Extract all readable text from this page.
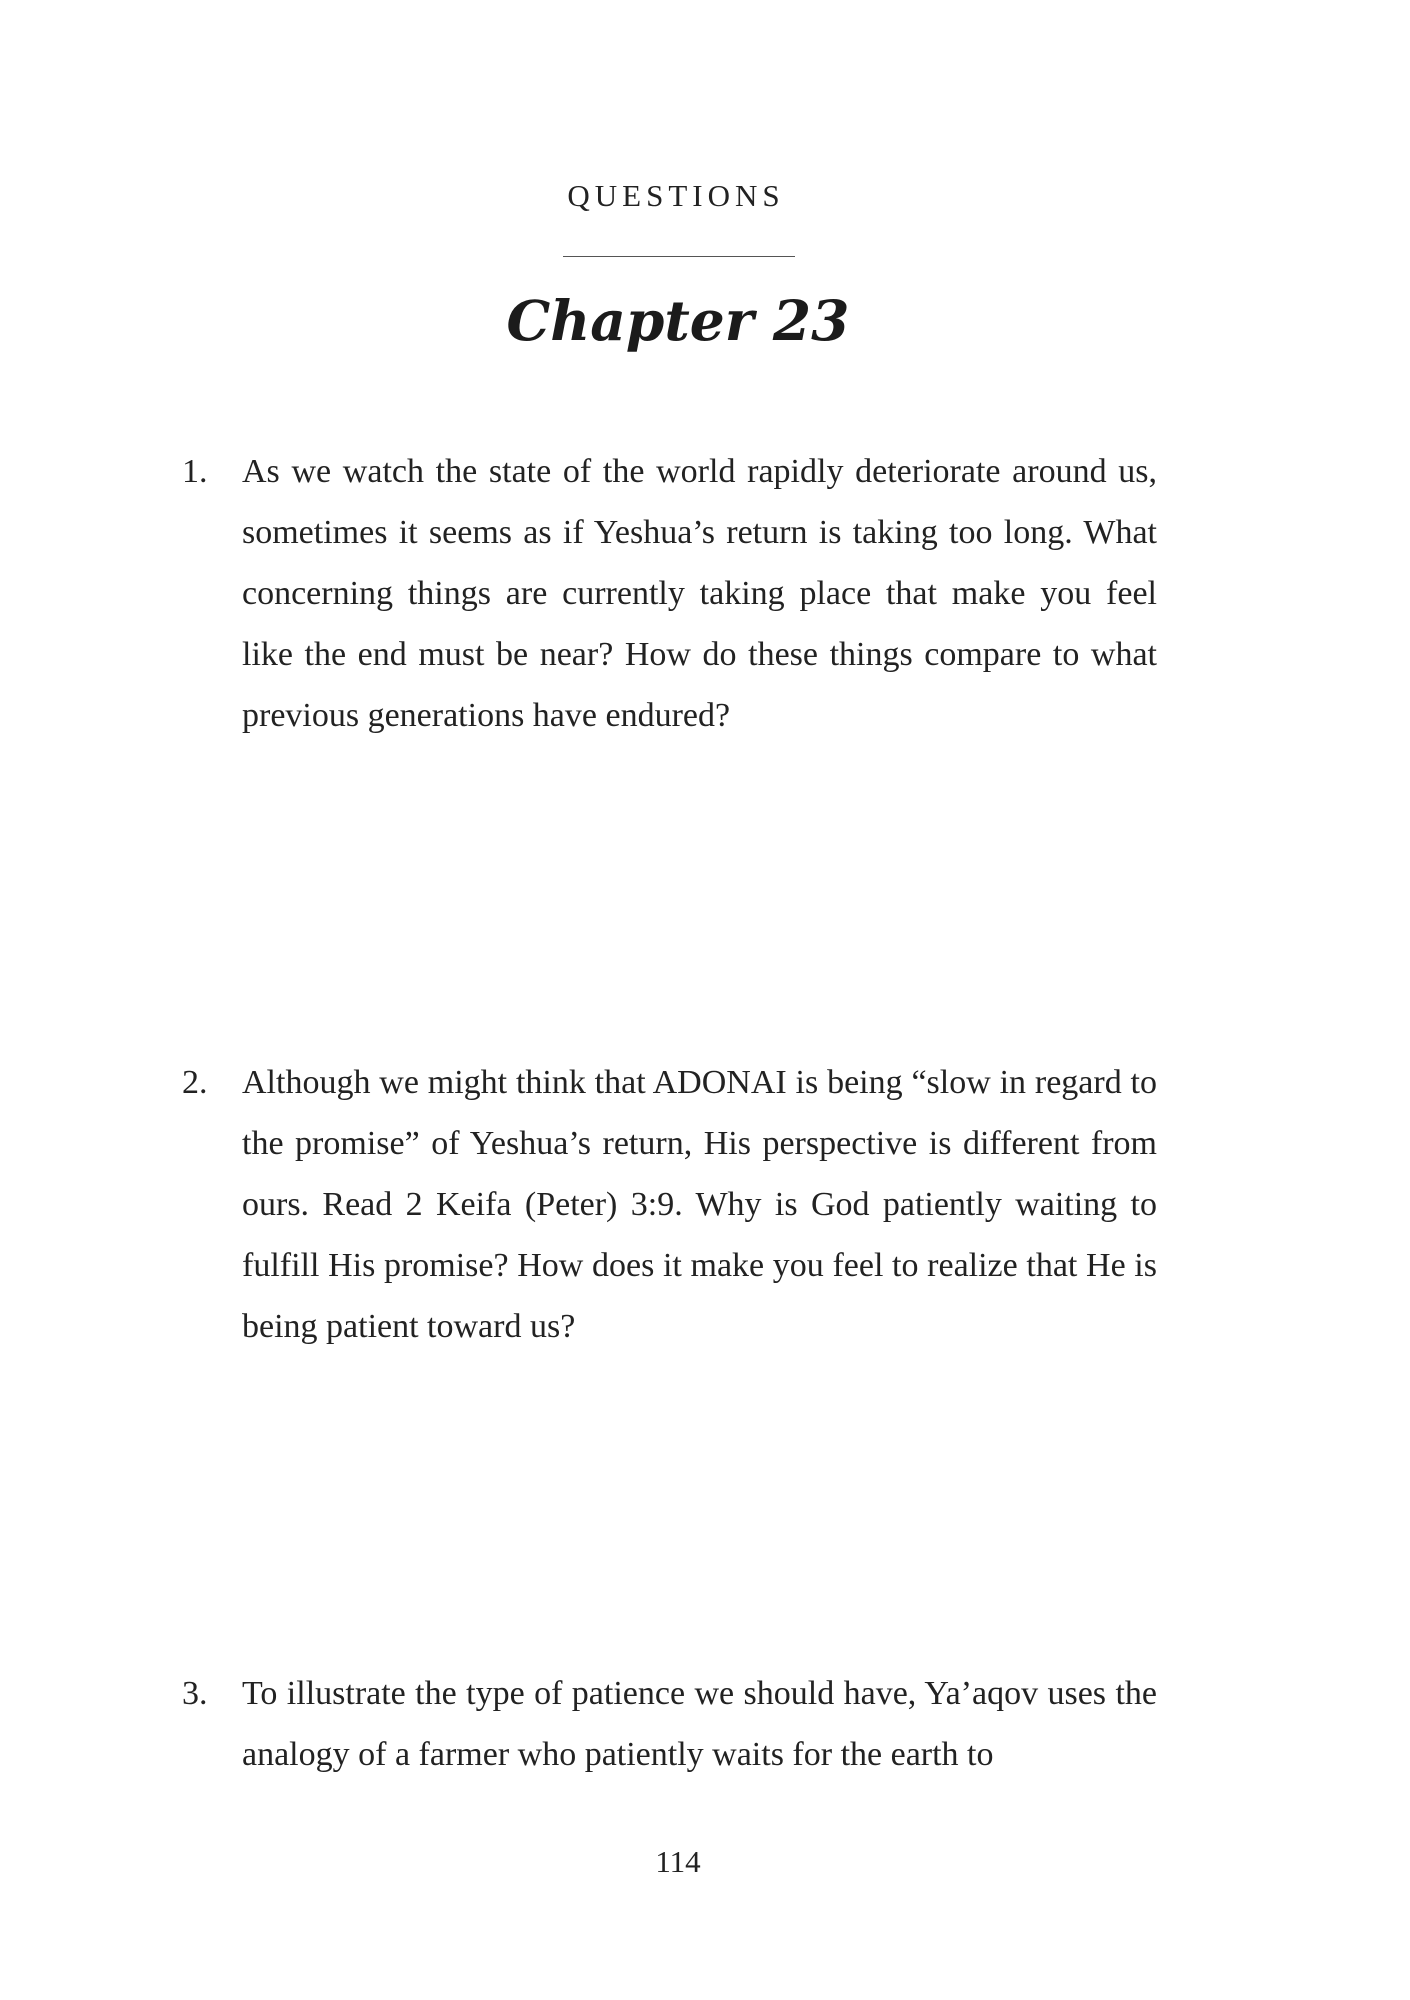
QUESTIONS
Chapter 23
1. As we watch the state of the world rapidly deteriorate around us, sometimes it seems as if Yeshua’s return is taking too long. What concerning things are currently taking place that make you feel like the end must be near? How do these things compare to what previous generations have endured?

2. Although we might think that ADONAI is being “slow in regard to the promise” of Yeshua’s return, His perspective is different from ours. Read 2 Keifa (Peter) 3:9. Why is God patiently waiting to fulfill His promise? How does it make you feel to realize that He is being patient toward us?

3. To illustrate the type of patience we should have, Ya’aqov uses the analogy of a farmer who patiently waits for the earth to

114
